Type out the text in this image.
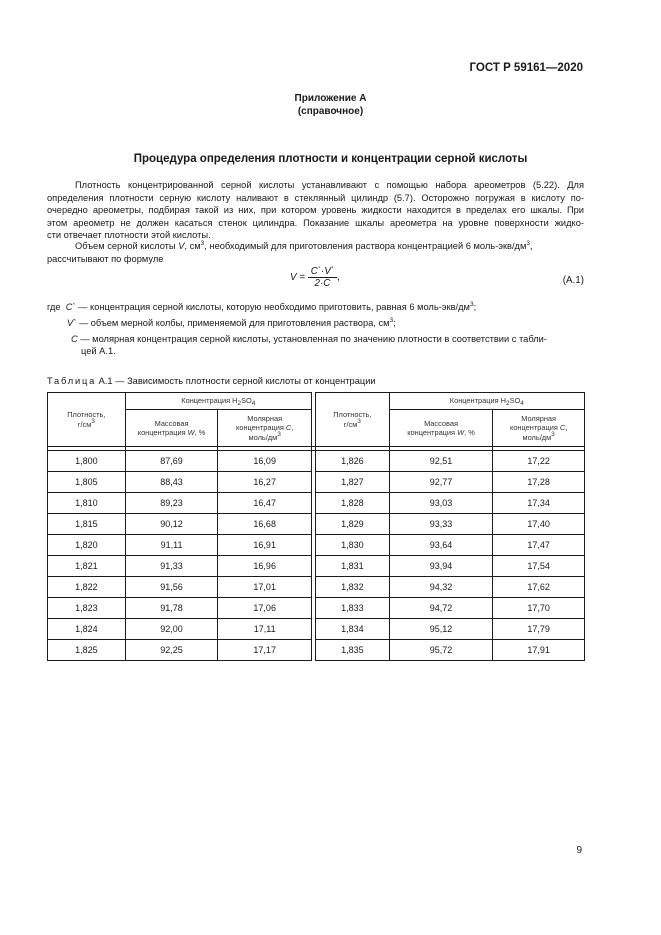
ГОСТ Р 59161—2020
Приложение А
(справочное)
Процедура определения плотности и концентрации серной кислоты
Плотность концентрированной серной кислоты устанавливают с помощью набора ареометров (5.22). Для
определения плотности серную кислоту наливают в стеклянный цилиндр (5.7). Осторожно погружая в кислоту по-
очередно ареометры, подбирая такой из них, при котором уровень жидкости находится в пределах его шкалы. При
этом ареометр не должен касаться стенок цилиндра. Показание шкалы ареометра на уровне поверхности жидко-
сти отвечает плотности этой кислоты.
Объем серной кислоты V, $см^3$, необходимый для приготовления раствора концентрацией 6 моль-$экв/дм^3$,
рассчитывают по формуле
$V = \frac{C`\cdot V`}{2\cdot C}$ ,	(A.1)
где C` — концентрация серной кислоты, которую необходимо приготовить, равная 6 моль-$экв/дм^3$;
V` — объем мерной колбы, применяемой для приготовления раствора, $см^3$;
C — молярная концентрация серной кислоты, установленная по значению плотности в соответствии с табли-
цей А.1.
Таблица А.1 — Зависимость плотности серной кислоты от концентрации
Плотность,
$г/см^3$	Концентрация $H_2SO_4$			Плотность,
$г/см^3$	Концентрация $H_2SO_4$
	Массовая
концентрация W, %	Молярная
концентрация C,
моль/$дм^3$			Массовая
концентрация W, %	Молярная
концентрация C,
моль/$дм^3$

1,800	87,69	16,09		1,826	92,51	17,22
1,805	88,43	16,27		1,827	92,77	17,28
1,810	89,23	16,47		1,828	93,03	17,34
1,815	90,12	16,68		1,829	93,33	17,40
1,820	91,11	16,91		1,830	93,64	17,47
1,821	91,33	16,96		1,831	93,94	17,54
1,822	91,56	17,01		1,832	94,32	17,62
1,823	91,78	17,06		1,833	94,72	17,70
1,824	92,00	17,11		1,834	95,12	17,79
1,825	92,25	17,17		1,835	95,72	17,91
9
